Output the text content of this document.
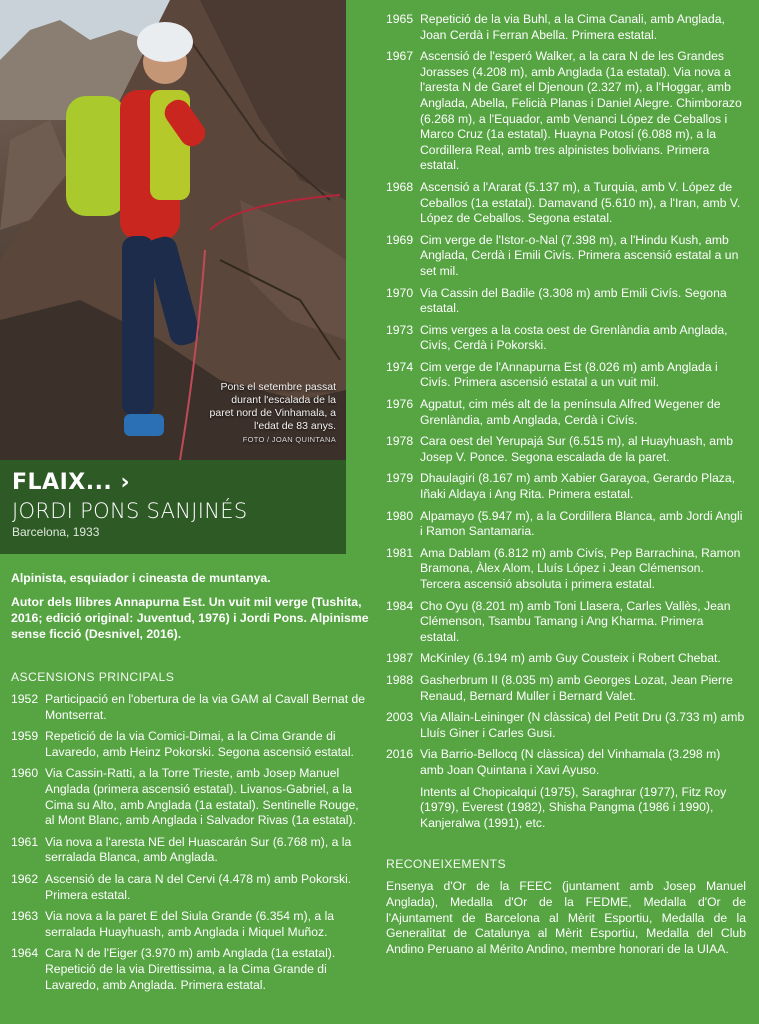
Pons el setembre passat durant l'escalada de la paret nord de Vinhamala, a l'edat de 83 anys.
FOTO / JOAN QUINTANA
FLAIX... ›
JORDI PONS SANJINÉS
Barcelona, 1933
Alpinista, esquiador i cineasta de muntanya.
Autor dels llibres Annapurna Est. Un vuit mil verge (Tushita, 2016; edició original: Juventud, 1976) i Jordi Pons. Alpinisme sense ficció (Desnivel, 2016).
ASCENSIONS PRINCIPALS
1952 Participació en l'obertura de la via GAM al Cavall Bernat de Montserrat.
1959 Repetició de la via Comici-Dimai, a la Cima Grande di Lavaredo, amb Heinz Pokorski. Segona ascensió estatal.
1960 Via Cassin-Ratti, a la Torre Trieste, amb Josep Manuel Anglada (primera ascensió estatal). Livanos-Gabriel, a la Cima su Alto, amb Anglada (1a estatal). Sentinelle Rouge, al Mont Blanc, amb Anglada i Salvador Rivas (1a estatal).
1961 Via nova a l'aresta NE del Huascarán Sur (6.768 m), a la serralada Blanca, amb Anglada.
1962 Ascensió de la cara N del Cervi (4.478 m) amb Pokorski. Primera estatal.
1963 Via nova a la paret E del Siula Grande (6.354 m), a la serralada Huayhuash, amb Anglada i Miquel Muñoz.
1964 Cara N de l'Eiger (3.970 m) amb Anglada (1a estatal). Repetició de la via Direttissima, a la Cima Grande di Lavaredo, amb Anglada. Primera estatal.
1965 Repetició de la via Buhl, a la Cima Canali, amb Anglada, Joan Cerdà i Ferran Abella. Primera estatal.
1967 Ascensió de l'esperó Walker, a la cara N de les Grandes Jorasses (4.208 m), amb Anglada (1a estatal). Via nova a l'aresta N de Garet el Djenoun (2.327 m), a l'Hoggar, amb Anglada, Abella, Felicià Planas i Daniel Alegre. Chimborazo (6.268 m), a l'Equador, amb Venanci López de Ceballos i Marco Cruz (1a estatal). Huayna Potosí (6.088 m), a la Cordillera Real, amb tres alpinistes bolivians. Primera estatal.
1968 Ascensió a l'Ararat (5.137 m), a Turquia, amb V. López de Ceballos (1a estatal). Damavand (5.610 m), a l'Iran, amb V. López de Ceballos. Segona estatal.
1969 Cim verge de l'Istor-o-Nal (7.398 m), a l'Hindu Kush, amb Anglada, Cerdà i Emili Civís. Primera ascensió estatal a un set mil.
1970 Via Cassin del Badile (3.308 m) amb Emili Civís. Segona estatal.
1973 Cims verges a la costa oest de Grenlàndia amb Anglada, Civís, Cerdà i Pokorski.
1974 Cim verge de l'Annapurna Est (8.026 m) amb Anglada i Civís. Primera ascensió estatal a un vuit mil.
1976 Agpatut, cim més alt de la península Alfred Wegener de Grenlàndia, amb Anglada, Cerdà i Civís.
1978 Cara oest del Yerupajá Sur (6.515 m), al Huayhuash, amb Josep V. Ponce. Segona escalada de la paret.
1979 Dhaulagiri (8.167 m) amb Xabier Garayoa, Gerardo Plaza, Iñaki Aldaya i Ang Rita. Primera estatal.
1980 Alpamayo (5.947 m), a la Cordillera Blanca, amb Jordi Angli i Ramon Santamaria.
1981 Ama Dablam (6.812 m) amb Civís, Pep Barrachina, Ramon Bramona, Àlex Alom, Lluís López i Jean Clémenson. Tercera ascensió absoluta i primera estatal.
1984 Cho Oyu (8.201 m) amb Toni Llasera, Carles Vallès, Jean Clémenson, Tsambu Tamang i Ang Kharma. Primera estatal.
1987 McKinley (6.194 m) amb Guy Cousteix i Robert Chebat.
1988 Gasherbrum II (8.035 m) amb Georges Lozat, Jean Pierre Renaud, Bernard Muller i Bernard Valet.
2003 Via Allain-Leininger (N clàssica) del Petit Dru (3.733 m) amb Lluís Giner i Carles Gusi.
2016 Via Barrio-Bellocq (N clàssica) del Vinhamala (3.298 m) amb Joan Quintana i Xavi Ayuso.
Intents al Chopicalqui (1975), Saraghrar (1977), Fitz Roy (1979), Everest (1982), Shisha Pangma (1986 i 1990), Kanjeralwa (1991), etc.
RECONEIXEMENTS
Ensenya d'Or de la FEEC (juntament amb Josep Manuel Anglada), Medalla d'Or de la FEDME, Medalla d'Or de l'Ajuntament de Barcelona al Mèrit Esportiu, Medalla de la Generalitat de Catalunya al Mèrit Esportiu, Medalla del Club Andino Peruano al Mérito Andino, membre honorari de la UIAA.
